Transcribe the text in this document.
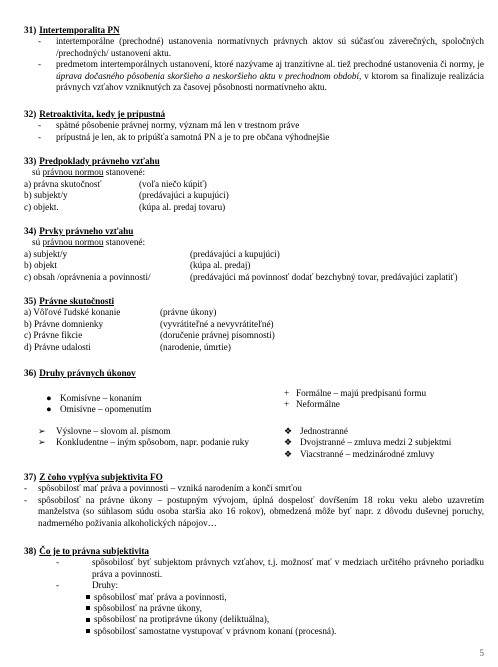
31) Intertemporalita PN
-	intertemporálne (prechodné) ustanovenia normatívnych právnych aktov sú súčasťou záverečných, spoločných /prechodných/ ustanovení aktu.
-	predmetom intertemporálnych ustanovení, ktoré nazývame aj tranzitívne al. tiež prechodné ustanovenia či normy, je úprava dočasného pôsobenia skoršieho a neskoršieho aktu v prechodnom období, v ktorom sa finalizuje realizácia právnych vzťahov vzniknutých za časovej pôsobnosti normatívneho aktu.
32) Retroaktivita, kedy je prípustná
-	spätné pôsobenie právnej normy, význam má len v trestnom práve
-	prípustná je len, ak to pripúšťa samotná PN a je to pre občana výhodnejšie
33) Predpoklady právneho vzťahu
sú právnou normou stanovené:
a) právna skutočnosť	(voľa niečo kúpiť)
b) subjekt/y	(predávajúci a kupujúci)
c) objekt.	(kúpa al. predaj tovaru)
34) Prvky právneho vzťahu
sú právnou normou stanovené:
a) subjekt/y	(predávajúci a kupujúci)
b) objekt	(kúpa al. predaj)
c) obsah /oprávnenia a povinnosti/	(predávajúci má povinnosť dodať bezchybný tovar, predávajúci zaplatiť)
35) Právne skutočnosti
a) Vôľové ľudské konanie	(právne úkony)
b) Právne domnienky	(vyvrátiteľné a nevyvrátiteľné)
c) Právne fikcie	(doručenie právnej písomnosti)
d) Právne udalosti	(narodenie, úmrtie)
36) Druhy právnych úkonov
● Komisívne – konaním
● Omisívne – opomenutím
+ Formálne – majú predpísanú formu
+ Neformálne
➢	Výslovne – slovom al. písmom
➢	Konkludentne – iným spôsobom, napr. podanie ruky
❖ Jednostranné
❖ Dvojstranné – zmluva medzi 2 subjektmi
❖ Viacstranné – medzinárodné zmluvy
37) Z čoho vyplýva subjektivita FO
-	spôsobilosť mať práva a povinnosti – vzniká narodením a končí smrťou
-	spôsobilosť na právne úkony – postupným vývojom, úplná dospelosť dovŕšením 18 roku veku alebo uzavretím manželstva (so súhlasom súdu osoba staršia ako 16 rokov), obmedzená môže byť napr. z dôvodu duševnej poruchy, nadmerného požívania alkoholických nápojov…
38) Čo je to právna subjektivita
-	spôsobilosť byť subjektom právnych vzťahov, t.j. možnosť mať v medziach určitého právneho poriadku práva a povinnosti.
-	Druhy:
spôsobilosť mať práva a povinnosti,
spôsobilosť na právne úkony,
spôsobilosť na protiprávne úkony (deliktuálna),
spôsobilosť samostatne vystupovať v právnom konaní (procesná).
5
